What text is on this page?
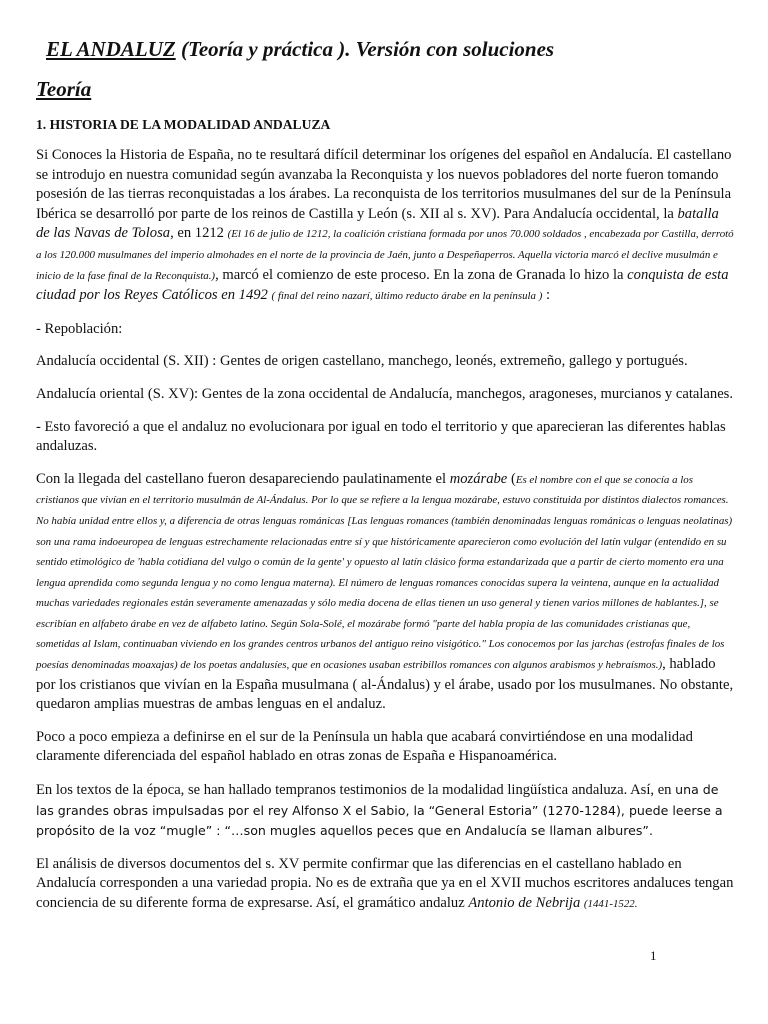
EL ANDALUZ (Teoría y práctica ). Versión con soluciones
Teoría
1. HISTORIA DE LA MODALIDAD ANDALUZA

Si Conoces la Historia de España, no te resultará difícil determinar los orígenes del español en Andalucía. El castellano se introdujo en nuestra comunidad según avanzaba la Reconquista y los nuevos pobladores del norte fueron tomando posesión de las tierras reconquistadas a los árabes. La reconquista de los territorios musulmanes del sur de la Península Ibérica se desarrolló por parte de los reinos de Castilla y León (s. XII al s. XV). Para Andalucía occidental, la batalla de las Navas de Tolosa, en 1212 (El 16 de julio de 1212, la coalición cristiana formada por unos 70.000 soldados , encabezada por Castilla, derrotó a los 120.000 musulmanes del imperio almohades en el norte de la provincia de Jaén, junto a Despeñaperros. Aquella victoria marcó el declive musulmán e inicio de la fase final de la Reconquista.), marcó el comienzo de este proceso. En la zona de Granada lo hizo la conquista de esta ciudad por los Reyes Católicos en 1492 ( final del reino nazarí, último reducto árabe en la península ) :

- Repoblación:

Andalucía occidental (S. XII) : Gentes de origen castellano, manchego, leonés, extremeño, gallego y portugués.

Andalucía oriental (S. XV): Gentes de la zona occidental de Andalucía, manchegos, aragoneses, murcianos y catalanes.

- Esto favoreció a que el andaluz no evolucionara por igual en todo el territorio y que aparecieran las diferentes hablas andaluzas.

Con la llegada del castellano fueron desapareciendo paulatinamente el mozárabe (Es el nombre con el que se conocía a los cristianos que vivían en el territorio musulmán de Al-Ándalus. Por lo que se refiere a la lengua mozárabe, estuvo constituida por distintos dialectos romances. No había unidad entre ellos y, a diferencia de otras lenguas románicas [Las lenguas romances (también denominadas lenguas románicas o lenguas neolatinas) son una rama indoeuropea de lenguas estrechamente relacionadas entre sí y que históricamente aparecieron como evolución del latín vulgar (entendido en su sentido etimológico de 'habla cotidiana del vulgo o común de la gente' y opuesto al latín clásico forma estandarizada que a partir de cierto momento era una lengua aprendida como segunda lengua y no como lengua materna). El número de lenguas romances conocidas supera la veintena, aunque en la actualidad muchas variedades regionales están severamente amenazadas y sólo media docena de ellas tienen un uso general y tienen varios millones de hablantes.], se escribían en alfabeto árabe en vez de alfabeto latino. Según Sola-Solé, el mozárabe formó "parte del habla propia de las comunidades cristianas que, sometidas al Islam, continuaban viviendo en los grandes centros urbanos del antiguo reino visigótico." Los conocemos por las jarchas (estrofas finales de los poesías denominadas moaxajas) de los poetas andalusíes, que en ocasiones usaban estribillos romances con algunos arabismos y hebraísmos.), hablado por los cristianos que vivían en la España musulmana ( al-Ándalus) y el árabe, usado por los musulmanes. No obstante, quedaron amplias muestras de ambas lenguas en el andaluz.

Poco a poco empieza a definirse en el sur de la Península un habla que acabará convirtiéndose en una modalidad claramente diferenciada del español hablado en otras zonas de España e Hispanoamérica.

En los textos de la época, se han hallado tempranos testimonios de la modalidad lingüística andaluza. Así, en una de las grandes obras impulsadas por el rey Alfonso X el Sabio, la “General Estoria” (1270-1284), puede leerse a propósito de la voz “mugle” : “…son mugles aquellos peces que en Andalucía se llaman albures”.

El análisis de diversos documentos del s. XV permite confirmar que las diferencias en el castellano hablado en Andalucía corresponden a una variedad propia. No es de extraña que ya en el XVII muchos escritores andaluces tengan conciencia de su diferente forma de expresarse. Así, el gramático andaluz Antonio de Nebrija (1441-1522.

1
